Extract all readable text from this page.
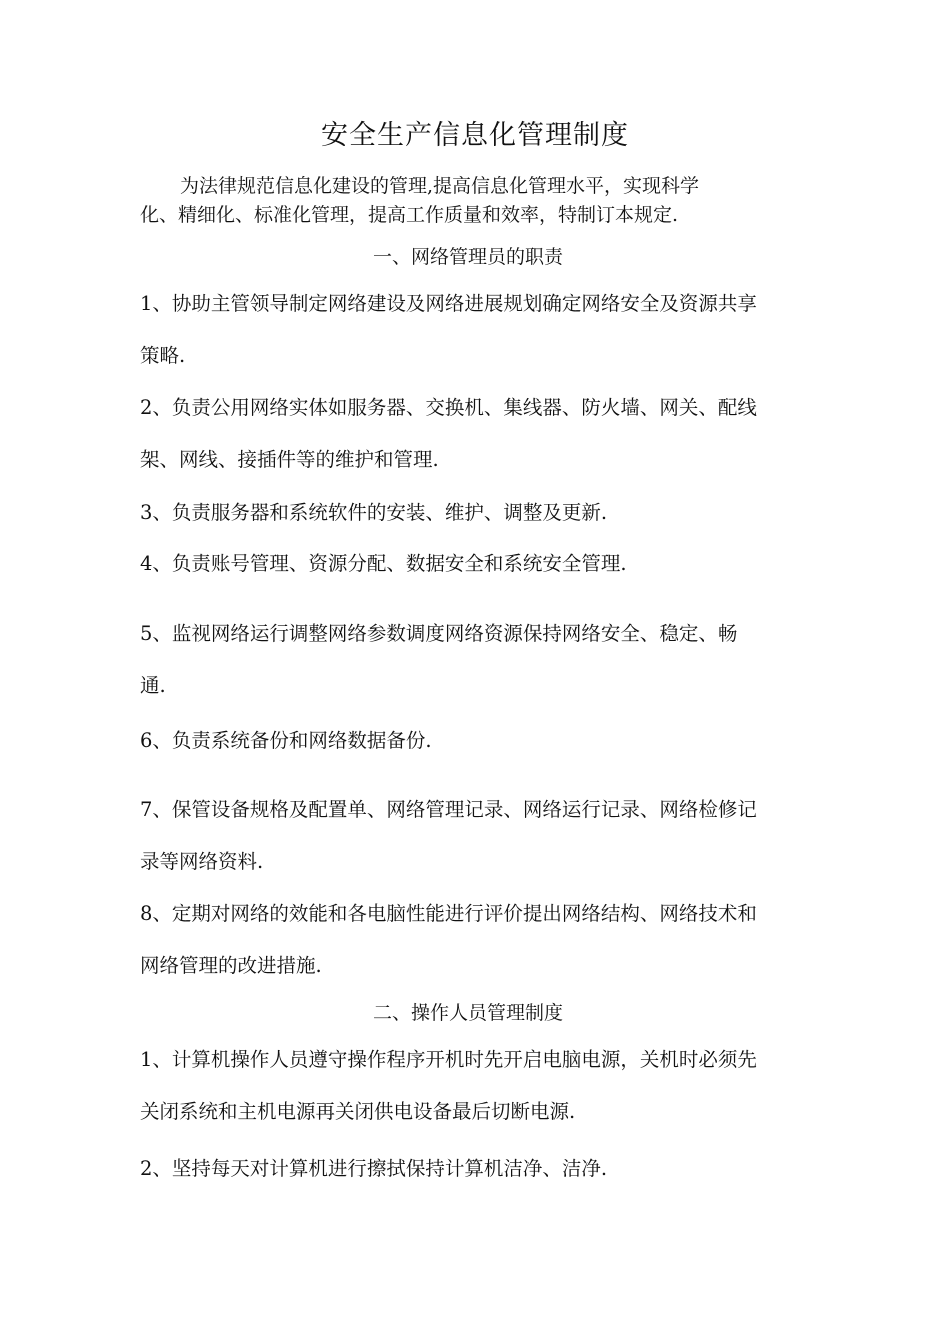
安全生产信息化管理制度
为法律规范信息化建设的管理,提高信息化管理水平，实现科学
化、精细化、标准化管理，提高工作质量和效率，特制订本规定.
一、网络管理员的职责
1、协助主管领导制定网络建设及网络进展规划确定网络安全及资源共享
策略.
2、负责公用网络实体如服务器、交换机、集线器、防火墙、网关、配线
架、网线、接插件等的维护和管理.
3、负责服务器和系统软件的安装、维护、调整及更新.
4、负责账号管理、资源分配、数据安全和系统安全管理.
5、监视网络运行调整网络参数调度网络资源保持网络安全、稳定、畅
通.
6、负责系统备份和网络数据备份.
7、保管设备规格及配置单、网络管理记录、网络运行记录、网络检修记
录等网络资料.
8、定期对网络的效能和各电脑性能进行评价提出网络结构、网络技术和
网络管理的改进措施.
二、操作人员管理制度
1、计算机操作人员遵守操作程序开机时先开启电脑电源，关机时必须先
关闭系统和主机电源再关闭供电设备最后切断电源.
2、坚持每天对计算机进行擦拭保持计算机洁净、洁净.
